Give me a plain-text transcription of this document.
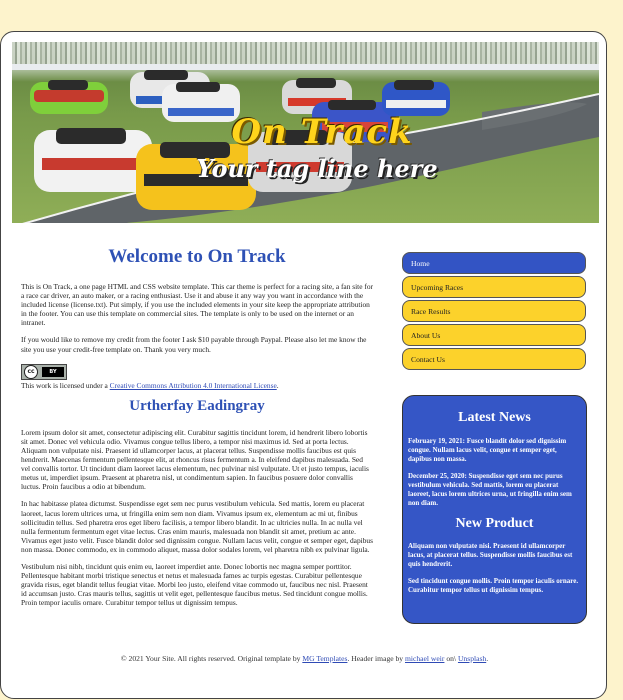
On Track
Your tag line here
Welcome to On Track

This is On Track, a one page HTML and CSS website template. This car theme is perfect for a racing site, a fan site for a race car driver, an auto maker, or a racing enthusiast. Use it and abuse it any way you want in accordance with the included license (license.txt). Put simply, if you use the included elements in your site keep the appropriate attribution in the footer. You can use this template on commercial sites. The template is only to be used on the internet or an intranet.

If you would like to remove my credit from the footer I ask $10 payable through Paypal. Please also let me know the site you use your credit-free template on. Thank you very much.

cc	BY

This work is licensed under a Creative Commons Attribution 4.0 International License.

Urtherfay Eadingray

Lorem ipsum dolor sit amet, consectetur adipiscing elit. Curabitur sagittis tincidunt lorem, id hendrerit libero lobortis sit amet. Donec vel vehicula odio. Vivamus congue tellus libero, a tempor nisi maximus id. Sed at porta lectus. Aliquam non vulputate nisi. Praesent id ullamcorper lacus, at placerat tellus. Suspendisse mollis faucibus est quis hendrerit. Maecenas fermentum pellentesque elit, at rhoncus risus fermentum a. In eleifend dapibus malesuada. Sed vel convallis tortor. Ut tincidunt diam laoreet lacus elementum, nec pulvinar nisl vulputate. Ut et justo tempus, iaculis metus ut, imperdiet ipsum. Praesent at pharetra nisl, ut condimentum sapien. In faucibus posuere dolor convallis luctus. Proin faucibus a odio at bibendum.

In hac habitasse platea dictumst. Suspendisse eget sem nec purus vestibulum vehicula. Sed mattis, lorem eu placerat laoreet, lacus lorem ultrices urna, ut fringilla enim sem non diam. Vivamus ipsum ex, elementum ac mi ut, finibus sollicitudin tellus. Sed pharetra eros eget libero facilisis, a tempor libero blandit. In ac ultricies nulla. In ac nulla vel nulla fermentum fermentum eget vitae lectus. Cras enim mauris, malesuada non blandit sit amet, pretium ac ante. Vivamus eget justo velit. Fusce blandit dolor sed dignissim congue. Nullam lacus velit, congue et semper eget, dapibus non massa. Donec commodo, ex in commodo aliquet, massa dolor sodales lorem, vel pharetra nibh ex pulvinar ligula.

Vestibulum nisi nibh, tincidunt quis enim eu, laoreet imperdiet ante. Donec lobortis nec magna semper porttitor. Pellentesque habitant morbi tristique senectus et netus et malesuada fames ac turpis egestas. Curabitur pellentesque gravida risus, eget blandit tellus feugiat vitae. Morbi leo justo, eleifend vitae commodo ut, faucibus nec nisl. Praesent id accumsan justo. Cras mauris tellus, sagittis ut velit eget, pellentesque faucibus metus. Sed tincidunt congue mollis. Proin tempor iaculis ornare. Curabitur tempor tellus ut dignissim tempus.

Home
Upcoming Races
Race Results
About Us
Contact Us
Latest News

February 19, 2021: Fusce blandit dolor sed dignissim congue. Nullam lacus velit, congue et semper eget, dapibus non massa.

December 25, 2020: Suspendisse eget sem nec purus vestibulum vehicula. Sed mattis, lorem eu placerat laoreet, lacus lorem ultrices urna, ut fringilla enim sem non diam.

New Product

Aliquam non vulputate nisi. Praesent id ullamcorper lacus, at placerat tellus. Suspendisse mollis faucibus est quis hendrerit.

Sed tincidunt congue mollis. Proin tempor iaculis ornare. Curabitur tempor tellus ut dignissim tempus.

© 2021 Your Site. All rights reserved. Original template by MG Templates. Header image by michael weir on\ Unsplash.
